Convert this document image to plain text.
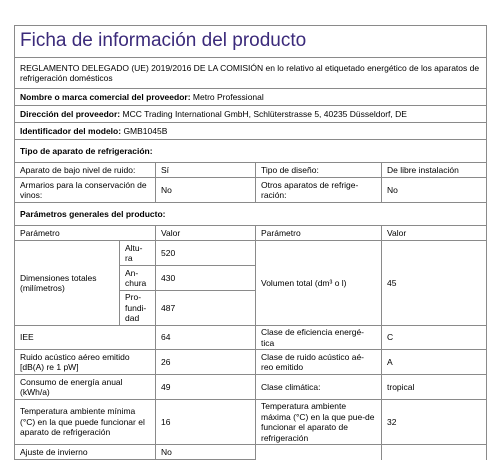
Ficha de información del producto				
REGLAMENTO DELEGADO (UE) 2019/2016 DE LA COMISIÓN en lo relativo al etiquetado energético de los aparatos de refrigeración domésticos				
Nombre o marca comercial del proveedor: Metro Professional				
Dirección del proveedor: MCC Trading International GmbH, Schlüterstrasse 5, 40235 Düsseldorf, DE				
Identificador del modelo: GMB1045B				
Tipo de aparato de refrigeración:				
Aparato de bajo nivel de ruido:		Sí	Tipo de diseño:	De libre instalación
Armarios para la conservación de vinos:		No	Otros aparatos de refrige-ración:	No
Parámetros generales del producto:				
Parámetro		Valor	Parámetro	Valor
Dimensiones totales (milímetros)	Altu-ra	520	Volumen total (dm³ o l)	45
	An-chura	430		
	Pro-fundi-dad	487		
IEE		64	Clase de eficiencia energé-tica	C
Ruido acústico aéreo emitido [dB(A) re 1 pW]		26	Clase de ruido acústico aé-reo emitido	A
Consumo de energía anual (kWh/a)		49	Clase climática:	tropical
Temperatura ambiente mínima (°C) en la que puede funcionar el aparato de refrigeración		16	Temperatura ambiente máxima (°C) en la que pue-de funcionar el aparato de refrigeración	32
Ajuste de invierno		No		
